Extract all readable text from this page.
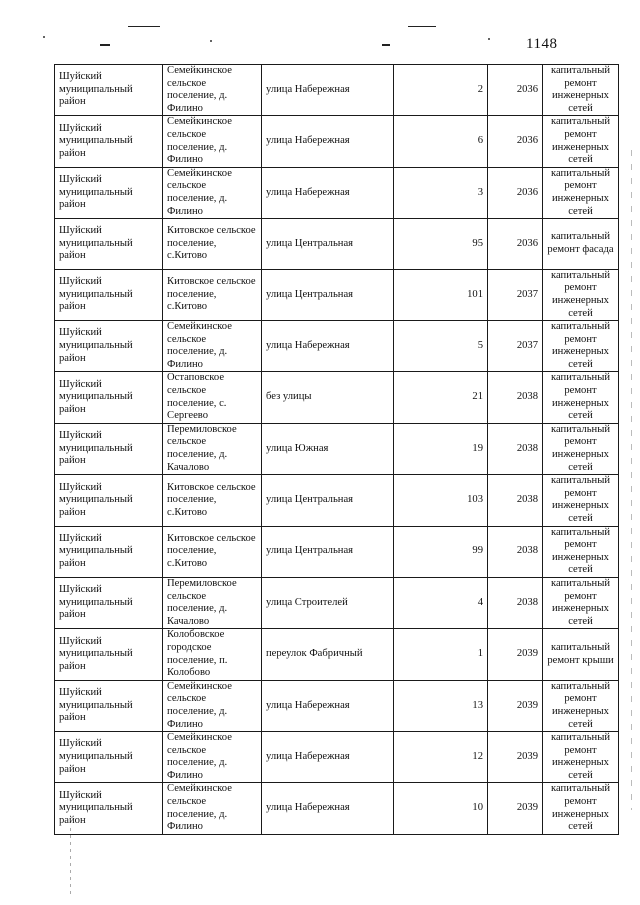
1148
Шуйский муниципальный район	Семейкинское сельское поселение, д. Филино	улица Набережная	2	2036	капитальный ремонт инженерных сетей
Шуйский муниципальный район	Семейкинское сельское поселение, д. Филино	улица Набережная	6	2036	капитальный ремонт инженерных сетей
Шуйский муниципальный район	Семейкинское сельское поселение, д. Филино	улица Набережная	3	2036	капитальный ремонт инженерных сетей
Шуйский муниципальный район	Китовское сельское поселение, с.Китово	улица Центральная	95	2036	капитальный ремонт фасада
Шуйский муниципальный район	Китовское сельское поселение, с.Китово	улица Центральная	101	2037	капитальный ремонт инженерных сетей
Шуйский муниципальный район	Семейкинское сельское поселение, д. Филино	улица Набережная	5	2037	капитальный ремонт инженерных сетей
Шуйский муниципальный район	Остаповское сельское поселение, с. Сергеево	без улицы	21	2038	капитальный ремонт инженерных сетей
Шуйский муниципальный район	Перемиловское сельское поселение, д. Качалово	улица Южная	19	2038	капитальный ремонт инженерных сетей
Шуйский муниципальный район	Китовское сельское поселение, с.Китово	улица Центральная	103	2038	капитальный ремонт инженерных сетей
Шуйский муниципальный район	Китовское сельское поселение, с.Китово	улица Центральная	99	2038	капитальный ремонт инженерных сетей
Шуйский муниципальный район	Перемиловское сельское поселение, д. Качалово	улица Строителей	4	2038	капитальный ремонт инженерных сетей
Шуйский муниципальный район	Колобовское городское поселение, п. Колобово	переулок Фабричный	1	2039	капитальный ремонт крыши
Шуйский муниципальный район	Семейкинское сельское поселение, д. Филино	улица Набережная	13	2039	капитальный ремонт инженерных сетей
Шуйский муниципальный район	Семейкинское сельское поселение, д. Филино	улица Набережная	12	2039	капитальный ремонт инженерных сетей
Шуйский муниципальный район	Семейкинское сельское поселение, д. Филино	улица Набережная	10	2039	капитальный ремонт инженерных сетей
